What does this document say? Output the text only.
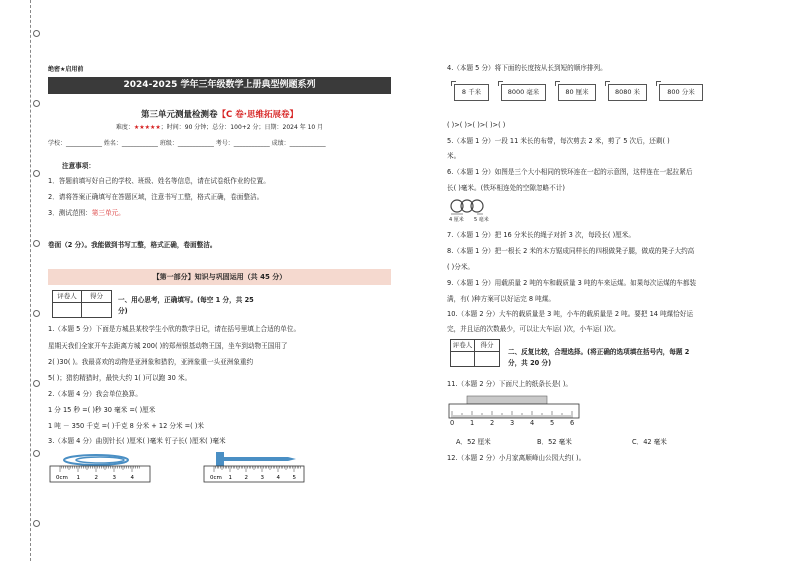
绝密★启用前
2024-2025 学年三年级数学上册典型例题系列
第三单元测量检测卷【C 卷·思维拓展卷】
难度：★★★★★；时间：90 分钟；总分：100+2 分；日期：2024 年 10 月
学校：____________ 姓名：____________ 班级：____________ 考号：____________ 成绩：____________
注意事项：
1．答题前填写好自己的学校、班级、姓名等信息，请在试卷纸作业的位置。
2．请将答案正确填写在答题区域，注意书写工整，格式正确，卷面整洁。
3．测试范围：第三单元。
卷面（2 分）。我能做到书写工整，格式正确，卷面整洁。
【第一部分】知识与巩固运用（共 45 分）
评卷人	得分	一、用心思考，正确填写。(每空 1 分，共 25
分)
1.（本题 5 分）下面是方城县某校学生小欣的数学日记，请在括号里填上合适的单位。
星期天我们全家开车去距离方城 200( )的郑州银基动物王国，坐车到动物王国用了
2( )30( )。我最喜欢的动物是亚洲象和猎豹，亚洲象重一头亚洲象重约
5( )；猎豹精猎时，最快大约 1( )可以跑 30 米。
2.（本题 4 分）我会单位换算。
1 分 15 秒 =( )秒 30 毫米 =( )厘米
1 吨 － 350 千克 =( )千克 8 分米 + 12 分米 =( )米
3.（本题 4 分）曲别针长( )厘米( )毫米 钉子长( )厘米( )毫米
0cm 1	2	3	4	0cm 1 2 3 4 5
4.（本题 5 分）将下面的长度按从长到短的顺序排列。
8 千米	8000 毫米	80 厘米	8080 米	800 分米
( )>( )>( )>( )>( )
5.（本题 1 分）一段 11 米长的布带，每次剪去 2 米，剪了 5 次后，还剩( )
米。
6.（本题 1 分）如图是三个大小相同的铁环连在一起的示意图，这样连在一起拉紧后
长( )毫米。(铁环相连处的空隙忽略不计)
4 厘米 5 毫米
7.（本题 1 分）把 16 分米长的绳子对折 3 次，每段长( )厘米。
8.（本题 1 分）把一根长 2 米的木方锯成同样长的四根做凳子腿，做成的凳子大约高
( )分米。
9.（本题 1 分）用载质量 2 吨的车和载质量 3 吨的车来运煤。如果每次运煤的车都装
满，有( )种方案可以好运完 8 吨煤。
10.（本题 2 分）大车的载质量是 3 吨，小车的载质量是 2 吨。要把 14 吨煤恰好运
完，并且运的次数最少，可以让大车运( )次，小车运( )次。
评卷人	得分
二、反复比较，合理选择。(将正确的选项填在括号内，每题 2
分，共 20 分)
11.（本题 2 分）下面尺上的纸条长是( )。
0 1 2 3 4 5 6
A．52 厘米	B．52 毫米	C．42 毫米
12.（本题 2 分）小月家离顺峰山公园大约( )。
